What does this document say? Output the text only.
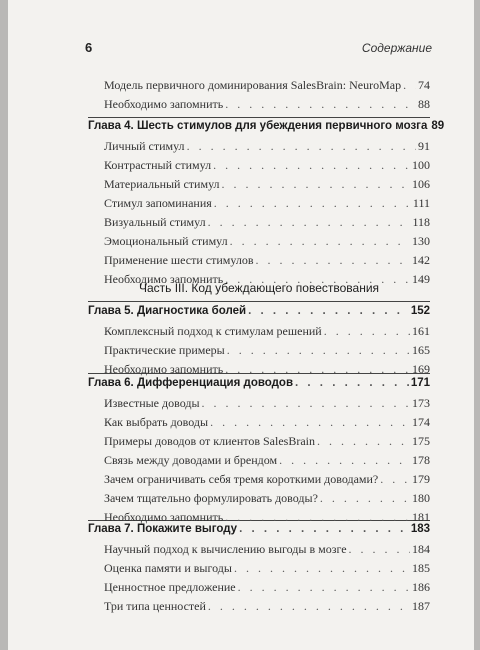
6	Содержание
Часть III. Код убеждающего повествования
Модель первичного доминирования SalesBrain: NeuroMap . . . 74
Необходимо запомнить . . .	88
Глава 4. Шесть стимулов для убеждения первичного мозга 89
Личный стимул . . .	91
Контрастный стимул . . .	100
Материальный стимул . . .	106
Стимул запоминания . . .	111
Визуальный стимул . . .	118
Эмоциональный стимул . . .	130
Применение шести стимулов . . .	142
Необходимо запомнить . . .	149
Глава 5. Диагностика болей . . .	152
Комплексный подход к стимулам решений . . .	161
Практические примеры . . .	165
Необходимо запомнить . . .	169
Глава 6. Дифференциация доводов . . .	171
Известные доводы . . .	173
Как выбрать доводы . . .	174
Примеры доводов от клиентов SalesBrain . . .	175
Связь между доводами и брендом . . .	178
Зачем ограничивать себя тремя короткими доводами? . . .	179
Зачем тщательно формулировать доводы? . . .	180
Необходимо запомнить . . .	181
Глава 7. Покажите выгоду . . .	183
Научный подход к вычислению выгоды в мозге . . .	184
Оценка памяти и выгоды . . .	185
Ценностное предложение . . .	186
Три типа ценностей . . .	187
